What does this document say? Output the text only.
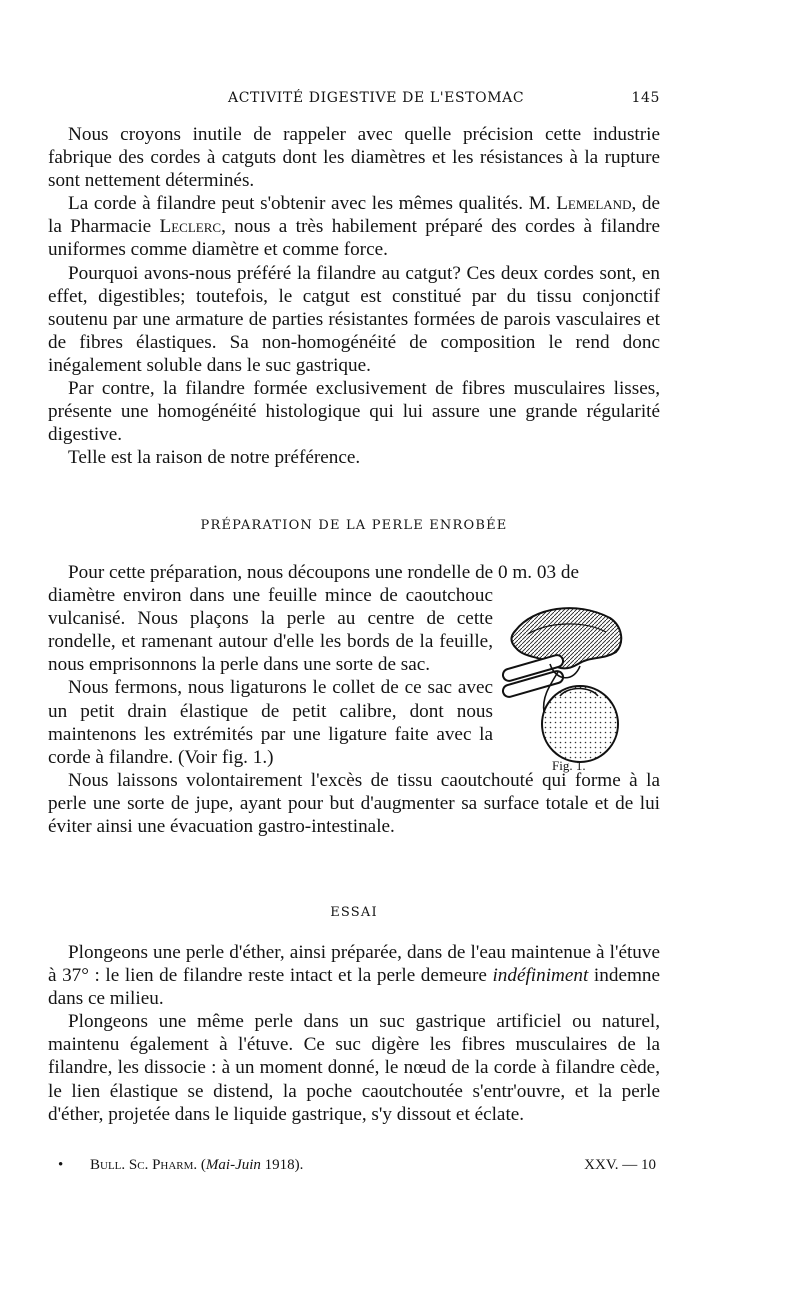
ACTIVITÉ DIGESTIVE DE L'ESTOMAC	145

Nous croyons inutile de rappeler avec quelle précision cette industrie fabrique des cordes à catguts dont les diamètres et les résistances à la rupture sont nettement déterminés.

La corde à filandre peut s'obtenir avec les mêmes qualités. M. Lemeland, de la Pharmacie Leclerc, nous a très habilement préparé des cordes à filandre uniformes comme diamètre et comme force.

Pourquoi avons-nous préféré la filandre au catgut? Ces deux cordes sont, en effet, digestibles; toutefois, le catgut est constitué par du tissu conjonctif soutenu par une armature de parties résistantes formées de parois vasculaires et de fibres élastiques. Sa non-homogénéité de composition le rend donc inégalement soluble dans le suc gastrique.

Par contre, la filandre formée exclusivement de fibres musculaires lisses, présente une homogénéité histologique qui lui assure une grande régularité digestive.

Telle est la raison de notre préférence.

PRÉPARATION DE LA PERLE ENROBÉE

Pour cette préparation, nous découpons une rondelle de 0 m. 03 de

diamètre environ dans une feuille mince de caoutchouc vulcanisé. Nous plaçons la perle au centre de cette rondelle, et ramenant autour d'elle les bords de la feuille, nous emprisonnons la perle dans une sorte de sac.

Nous fermons, nous ligaturons le collet de ce sac avec un petit drain élastique de petit calibre, dont nous maintenons les extrémités par une ligature faite avec la corde à filandre. (Voir fig. 1.)

Nous laissons volontairement l'excès de tissu caoutchouté qui forme à la perle une sorte de jupe, ayant pour but d'augmenter sa surface totale et de lui éviter ainsi une évacuation gastro-intestinale.

Fig. 1.
ESSAI

Plongeons une perle d'éther, ainsi préparée, dans de l'eau maintenue à l'étuve à 37° : le lien de filandre reste intact et la perle demeure indéfiniment indemne dans ce milieu.

Plongeons une même perle dans un suc gastrique artificiel ou naturel, maintenu également à l'étuve. Ce suc digère les fibres musculaires de la filandre, les dissocie : à un moment donné, le nœud de la corde à filandre cède, le lien élastique se distend, la poche caoutchoutée s'entr'ouvre, et la perle d'éther, projetée dans le liquide gastrique, s'y dissout et éclate.

• Bull. Sc. Pharm. (Mai-Juin 1918).	XXV. — 10
